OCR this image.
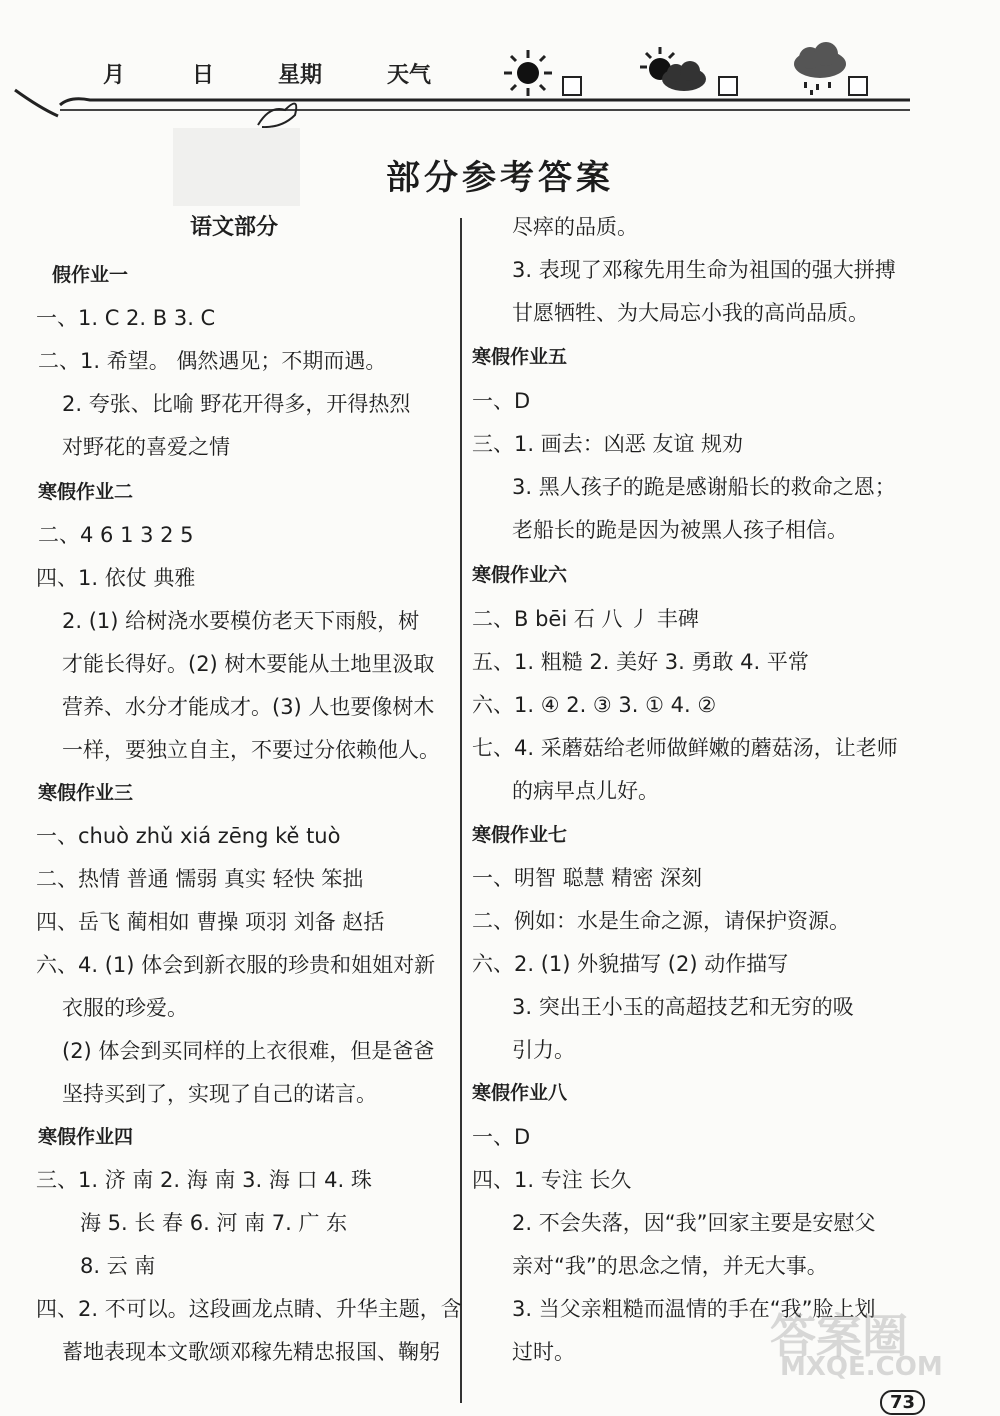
月	日	星期	天气
部分参考答案
语文部分
假作业一
一、1. C 2. B 3. C
二、1. 希望。 偶然遇见；不期而遇。
2. 夸张、比喻 野花开得多，开得热烈
对野花的喜爱之情
寒假作业二
二、4 6 1 3 2 5
四、1. 依仗 典雅
2. (1) 给树浇水要模仿老天下雨般，树
才能长得好。(2) 树木要能从土地里汲取
营养、水分才能成才。(3) 人也要像树木
一样，要独立自主，不要过分依赖他人。
寒假作业三
一、chuò zhǔ xiá zēng kě tuò
二、热情 普通 懦弱 真实 轻快 笨拙
四、岳飞 蔺相如 曹操 项羽 刘备 赵括
六、4. (1) 体会到新衣服的珍贵和姐姐对新
衣服的珍爱。
(2) 体会到买同样的上衣很难，但是爸爸
坚持买到了，实现了自己的诺言。
寒假作业四
三、1. 济 南 2. 海 南 3. 海 口 4. 珠
海 5. 长 春 6. 河 南 7. 广 东
8. 云 南
四、2. 不可以。这段画龙点睛、升华主题，含
蓄地表现本文歌颂邓稼先精忠报国、鞠躬
尽瘁的品质。
3. 表现了邓稼先用生命为祖国的强大拼搏
甘愿牺牲、为大局忘小我的高尚品质。
寒假作业五
一、D
三、1. 画去：凶恶 友谊 规劝
3. 黑人孩子的跪是感谢船长的救命之恩；
老船长的跪是因为被黑人孩子相信。
寒假作业六
二、B bēi 石 八 丿 丰碑
五、1. 粗糙 2. 美好 3. 勇敢 4. 平常
六、1. ④ 2. ③ 3. ① 4. ②
七、4. 采蘑菇给老师做鲜嫩的蘑菇汤，让老师
的病早点儿好。
寒假作业七
一、明智 聪慧 精密 深刻
二、例如：水是生命之源，请保护资源。
六、2. (1) 外貌描写 (2) 动作描写
3. 突出王小玉的高超技艺和无穷的吸
引力。
寒假作业八
一、D
四、1. 专注 长久
2. 不会失落，因“我”回家主要是安慰父
亲对“我”的思念之情，并无大事。
3. 当父亲粗糙而温情的手在“我”脸上划
过时。	答案圈
MXQE.COM
73
